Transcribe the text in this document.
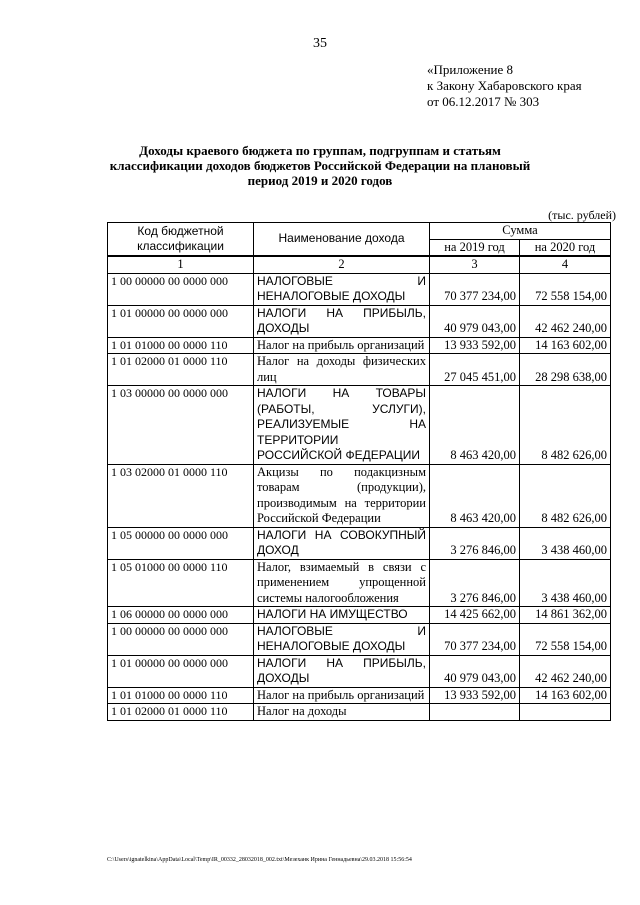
35
«Приложение 8
к Закону Хабаровского края
от 06.12.2017 № 303
Доходы краевого бюджета по группам, подгруппам и статьям классификации доходов бюджетов Российской Федерации на плановый период 2019 и 2020 годов
(тыс. рублей)
Код бюджетной классификации	Наименование дохода	Сумма	
		на 2019 год	на 2020 год
1	2	3	4
1 00 00000 00 0000 000	НАЛОГОВЫЕ И НЕНАЛОГОВЫЕ ДОХОДЫ	70 377 234,00	72 558 154,00
1 01 00000 00 0000 000	НАЛОГИ НА ПРИБЫЛЬ, ДОХОДЫ	40 979 043,00	42 462 240,00
1 01 01000 00 0000 110	Налог на прибыль организаций	13 933 592,00	14 163 602,00
1 01 02000 01 0000 110	Налог на доходы физических лиц	27 045 451,00	28 298 638,00
1 03 00000 00 0000 000	НАЛОГИ НА ТОВАРЫ (РАБОТЫ, УСЛУГИ), РЕАЛИЗУЕМЫЕ НА ТЕРРИТОРИИ РОССИЙСКОЙ ФЕДЕРАЦИИ	8 463 420,00	8 482 626,00
1 03 02000 01 0000 110	Акцизы по подакцизным товарам (продукции), производимым на территории Российской Федерации	8 463 420,00	8 482 626,00
1 05 00000 00 0000 000	НАЛОГИ НА СОВОКУПНЫЙ ДОХОД	3 276 846,00	3 438 460,00
1 05 01000 00 0000 110	Налог, взимаемый в связи с применением упрощенной системы налогообложения	3 276 846,00	3 438 460,00
1 06 00000 00 0000 000	НАЛОГИ НА ИМУЩЕСТВО	14 425 662,00	14 861 362,00
1 00 00000 00 0000 000	НАЛОГОВЫЕ И НЕНАЛОГОВЫЕ ДОХОДЫ	70 377 234,00	72 558 154,00
1 01 00000 00 0000 000	НАЛОГИ НА ПРИБЫЛЬ, ДОХОДЫ	40 979 043,00	42 462 240,00
1 01 01000 00 0000 110	Налог на прибыль организаций	13 933 592,00	14 163 602,00
1 01 02000 01 0000 110	Налог на доходы		
C:\Users\ignatelkina\AppData\Local\Temp\IR_00332_28032018_002.txt\Мезеханк Ирина Геннадьевна\29.03.2018 15:56:54
